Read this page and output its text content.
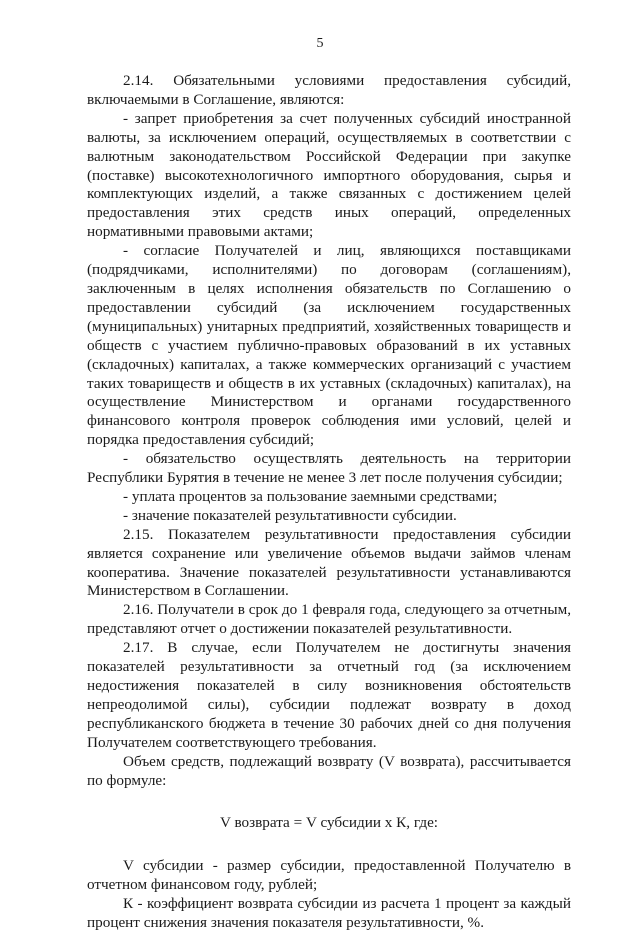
5

2.14. Обязательными условиями предоставления субсидий, включаемыми в Соглашение, являются:

- запрет приобретения за счет полученных субсидий иностранной валюты, за исключением операций, осуществляемых в соответствии с валютным законодательством Российской Федерации при закупке (поставке) высокотехнологичного импортного оборудования, сырья и комплектующих изделий, а также связанных с достижением целей предоставления этих средств иных операций, определенных нормативными правовыми актами;

- согласие Получателей и лиц, являющихся поставщиками (подрядчиками, исполнителями) по договорам (соглашениям), заключенным в целях исполнения обязательств по Соглашению о предоставлении субсидий (за исключением государственных (муниципальных) унитарных предприятий, хозяйственных товариществ и обществ с участием публично-правовых образований в их уставных (складочных) капиталах, а также коммерческих организаций с участием таких товариществ и обществ в их уставных (складочных) капиталах), на осуществление Министерством и органами государственного финансового контроля проверок соблюдения ими условий, целей и порядка предоставления субсидий;

- обязательство осуществлять деятельность на территории Республики Бурятия в течение не менее 3 лет после получения субсидии;

- уплата процентов за пользование заемными средствами;

- значение показателей результативности субсидии.

2.15. Показателем результативности предоставления субсидии является сохранение или увеличение объемов выдачи займов членам кооператива. Значение показателей результативности устанавливаются Министерством в Соглашении.

2.16. Получатели в срок до 1 февраля года, следующего за отчетным, представляют отчет о достижении показателей результативности.

2.17. В случае, если Получателем не достигнуты значения показателей результативности за отчетный год (за исключением недостижения показателей в силу возникновения обстоятельств непреодолимой силы), субсидии подлежат возврату в доход республиканского бюджета в течение 30 рабочих дней со дня получения Получателем соответствующего требования.

Объем средств, подлежащий возврату (V возврата), рассчитывается по формуле:

V возврата = V субсидии x К, где:

V субсидии - размер субсидии, предоставленной Получателю в отчетном финансовом году, рублей;

К - коэффициент возврата субсидии из расчета 1 процент за каждый процент снижения значения показателя результативности, %.
